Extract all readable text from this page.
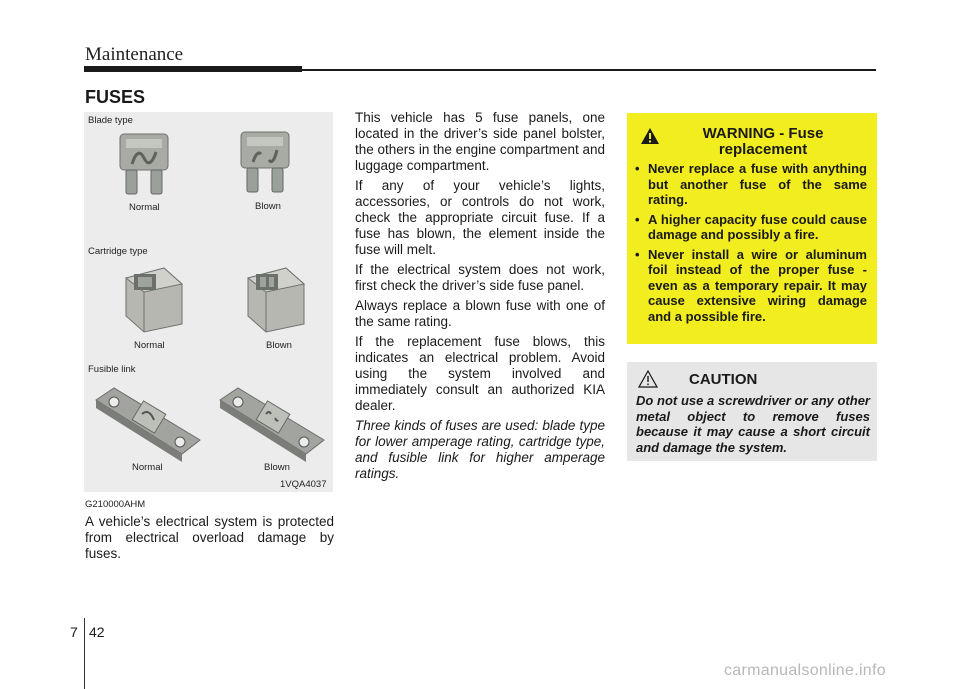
Maintenance
FUSES
Blade type
Normal	Blown
Cartridge type
Normal	Blown
Fusible link
Normal	Blown
1VQA4037
G210000AHM
A vehicle’s electrical system is protected from electrical overload damage by fuses.

This vehicle has 5 fuse panels, one located in the driver’s side panel bolster, the others in the engine compartment and luggage compartment.

If any of your vehicle’s lights, accessories, or controls do not work, check the appropriate circuit fuse. If a fuse has blown, the element inside the fuse will melt.

If the electrical system does not work, first check the driver’s side fuse panel.

Always replace a blown fuse with one of the same rating.

If the replacement fuse blows, this indicates an electrical problem. Avoid using the system involved and immediately consult an authorized KIA dealer.

Three kinds of fuses are used: blade type for lower amperage rating, cartridge type, and fusible link for higher amperage ratings.

WARNING - Fuse replacement
• Never replace a fuse with anything but another fuse of the same rating.
• A higher capacity fuse could cause damage and possibly a fire.
• Never install a wire or aluminum foil instead of the proper fuse - even as a temporary repair. It may cause extensive wiring damage and a possible fire.
CAUTION
Do not use a screwdriver or any other metal object to remove fuses because it may cause a short circuit and damage the system.
7 42
carmanualsonline.info
